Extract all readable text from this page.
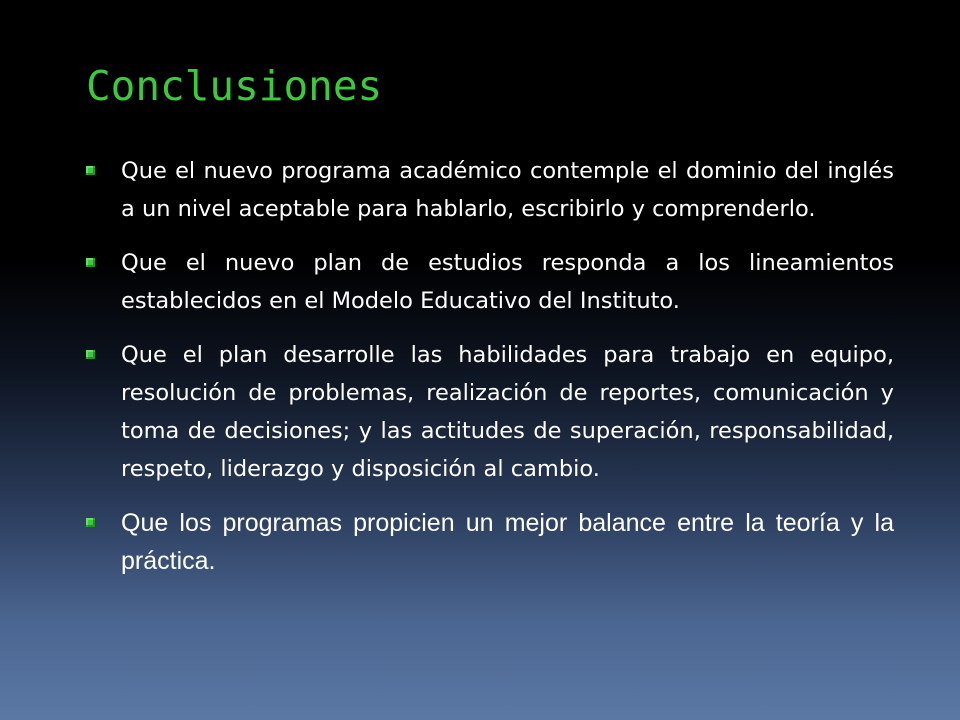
Conclusiones
Que el nuevo programa académico contemple el dominio del inglés a un nivel aceptable para hablarlo, escribirlo y comprenderlo.
Que el nuevo plan de estudios responda a los lineamientos establecidos en el Modelo Educativo del Instituto.
Que el plan desarrolle las habilidades para trabajo en equipo, resolución de problemas, realización de reportes, comunicación y toma de decisiones; y las actitudes de superación, responsabilidad, respeto, liderazgo y disposición al cambio.
Que los programas propicien un mejor balance entre la teoría y la práctica.
